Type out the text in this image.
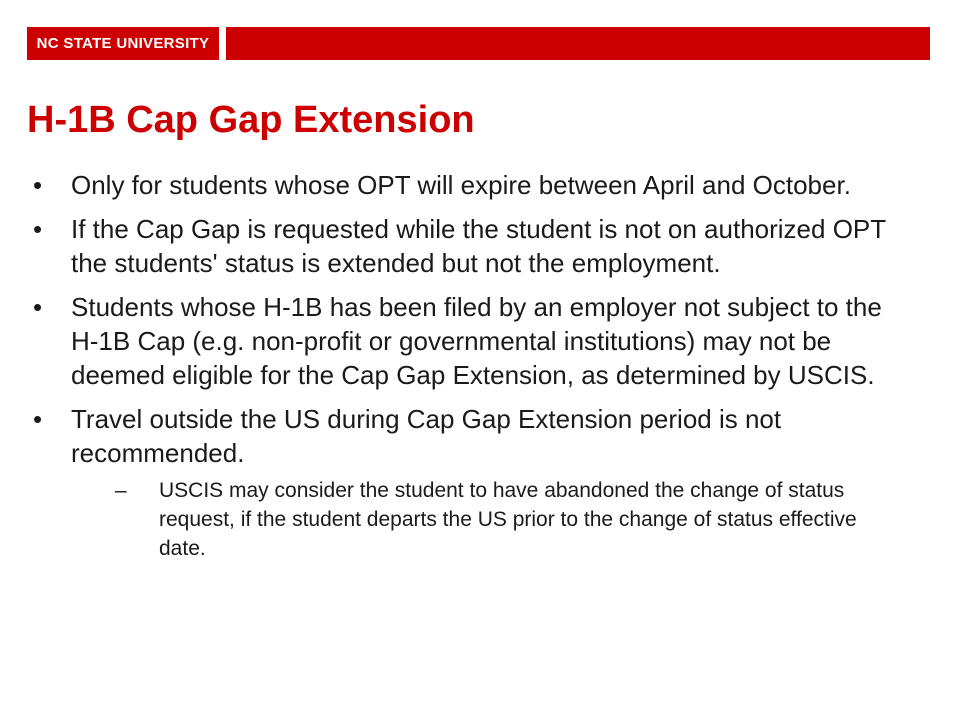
NC STATE UNIVERSITY
H-1B Cap Gap Extension
• Only for students whose OPT will expire between April and October.
• If the Cap Gap is requested while the student is not on authorized OPT the students' status is extended but not the employment.
• Students whose H-1B has been filed by an employer not subject to the H-1B Cap (e.g. non-profit or governmental institutions) may not be deemed eligible for the Cap Gap Extension, as determined by USCIS.
• Travel outside the US during Cap Gap Extension period is not recommended.
– USCIS may consider the student to have abandoned the change of status request, if the student departs the US prior to the change of status effective date.
